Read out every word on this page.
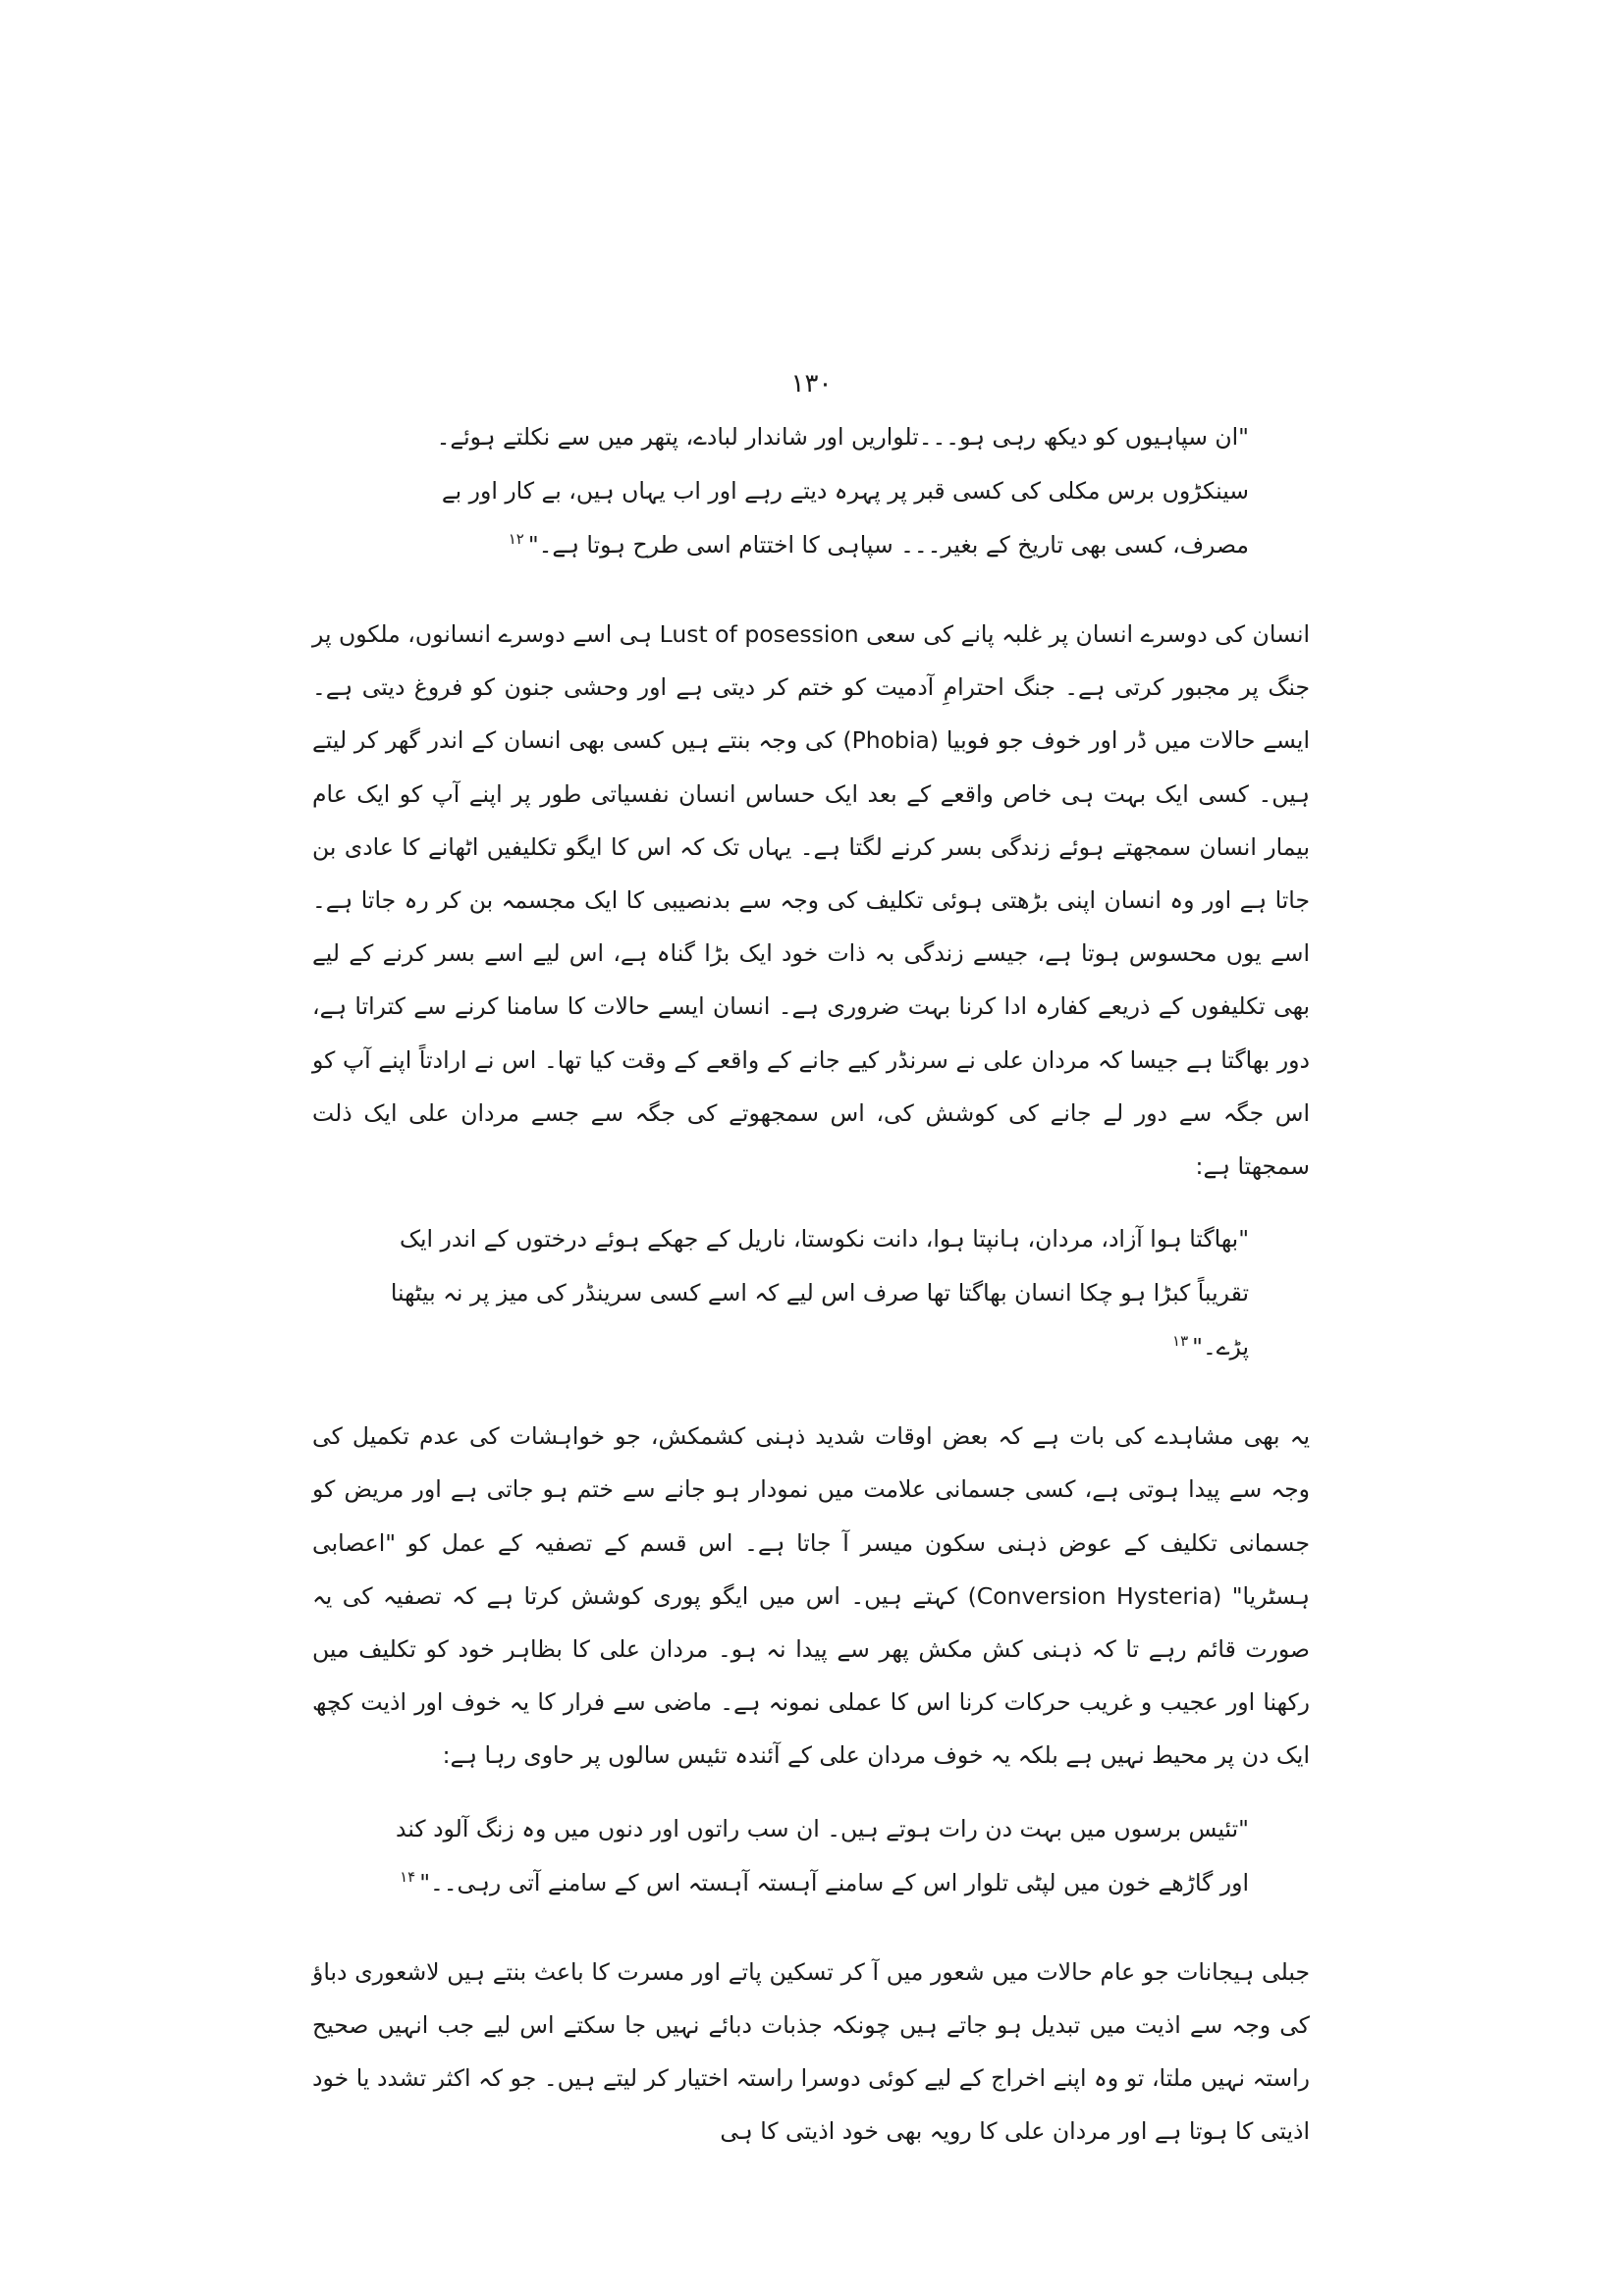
۱۳۰

"ان سپاہیوں کو دیکھ رہی ہو۔۔۔تلواریں اور شاندار لبادے، پتھر میں سے نکلتے ہوئے۔ سینکڑوں برس مکلی کی کسی قبر پر پہرہ دیتے رہے اور اب یہاں ہیں، بے کار اور بے مصرف، کسی بھی تاریخ کے بغیر۔۔۔ سپاہی کا اختتام اسی طرح ہوتا ہے۔"$^{۱۲}$

انسان کی دوسرے انسان پر غلبہ پانے کی سعی Lust of posession ہی اسے دوسرے انسانوں، ملکوں پر جنگ پر مجبور کرتی ہے۔ جنگ احترامِ آدمیت کو ختم کر دیتی ہے اور وحشی جنون کو فروغ دیتی ہے۔ ایسے حالات میں ڈر اور خوف جو فوبیا (Phobia) کی وجہ بنتے ہیں کسی بھی انسان کے اندر گھر کر لیتے ہیں۔ کسی ایک بہت ہی خاص واقعے کے بعد ایک حساس انسان نفسیاتی طور پر اپنے آپ کو ایک عام بیمار انسان سمجھتے ہوئے زندگی بسر کرنے لگتا ہے۔ یہاں تک کہ اس کا ایگو تکلیفیں اٹھانے کا عادی بن جاتا ہے اور وہ انسان اپنی بڑھتی ہوئی تکلیف کی وجہ سے بدنصیبی کا ایک مجسمہ بن کر رہ جاتا ہے۔ اسے یوں محسوس ہوتا ہے، جیسے زندگی بہ ذات خود ایک بڑا گناہ ہے، اس لیے اسے بسر کرنے کے لیے بھی تکلیفوں کے ذریعے کفارہ ادا کرنا بہت ضروری ہے۔ انسان ایسے حالات کا سامنا کرنے سے کتراتا ہے، دور بھاگتا ہے جیسا کہ مردان علی نے سرنڈر کیے جانے کے واقعے کے وقت کیا تھا۔ اس نے ارادتاً اپنے آپ کو اس جگہ سے دور لے جانے کی کوشش کی، اس سمجھوتے کی جگہ سے جسے مردان علی ایک ذلت سمجھتا ہے:

"بھاگتا ہوا آزاد، مردان، ہانپتا ہوا، دانت نکوستا، ناریل کے جھکے ہوئے درختوں کے اندر ایک تقریباً کبڑا ہو چکا انسان بھاگتا تھا صرف اس لیے کہ اسے کسی سرینڈر کی میز پر نہ بیٹھنا پڑے۔"$^{۱۳}$

یہ بھی مشاہدے کی بات ہے کہ بعض اوقات شدید ذہنی کشمکش، جو خواہشات کی عدم تکمیل کی وجہ سے پیدا ہوتی ہے، کسی جسمانی علامت میں نمودار ہو جانے سے ختم ہو جاتی ہے اور مریض کو جسمانی تکلیف کے عوض ذہنی سکون میسر آ جاتا ہے۔ اس قسم کے تصفیہ کے عمل کو "اعصابی ہسٹریا" (Conversion Hysteria) کہتے ہیں۔ اس میں ایگو پوری کوشش کرتا ہے کہ تصفیہ کی یہ صورت قائم رہے تا کہ ذہنی کش مکش پھر سے پیدا نہ ہو۔ مردان علی کا بظاہر خود کو تکلیف میں رکھنا اور عجیب و غریب حرکات کرنا اس کا عملی نمونہ ہے۔ ماضی سے فرار کا یہ خوف اور اذیت کچھ ایک دن پر محیط نہیں ہے بلکہ یہ خوف مردان علی کے آئندہ تئیس سالوں پر حاوی رہا ہے:

"تئیس برسوں میں بہت دن رات ہوتے ہیں۔ ان سب راتوں اور دنوں میں وہ زنگ آلود کند اور گاڑھے خون میں لپٹی تلوار اس کے سامنے آہستہ آہستہ اس کے سامنے آتی رہی۔۔"$^{۱۴}$

جبلی ہیجانات جو عام حالات میں شعور میں آ کر تسکین پاتے اور مسرت کا باعث بنتے ہیں لاشعوری دباؤ کی وجہ سے اذیت میں تبدیل ہو جاتے ہیں چونکہ جذبات دبائے نہیں جا سکتے اس لیے جب انہیں صحیح راستہ نہیں ملتا، تو وہ اپنے اخراج کے لیے کوئی دوسرا راستہ اختیار کر لیتے ہیں۔ جو کہ اکثر تشدد یا خود اذیتی کا ہوتا ہے اور مردان علی کا رویہ بھی خود اذیتی کا ہی
